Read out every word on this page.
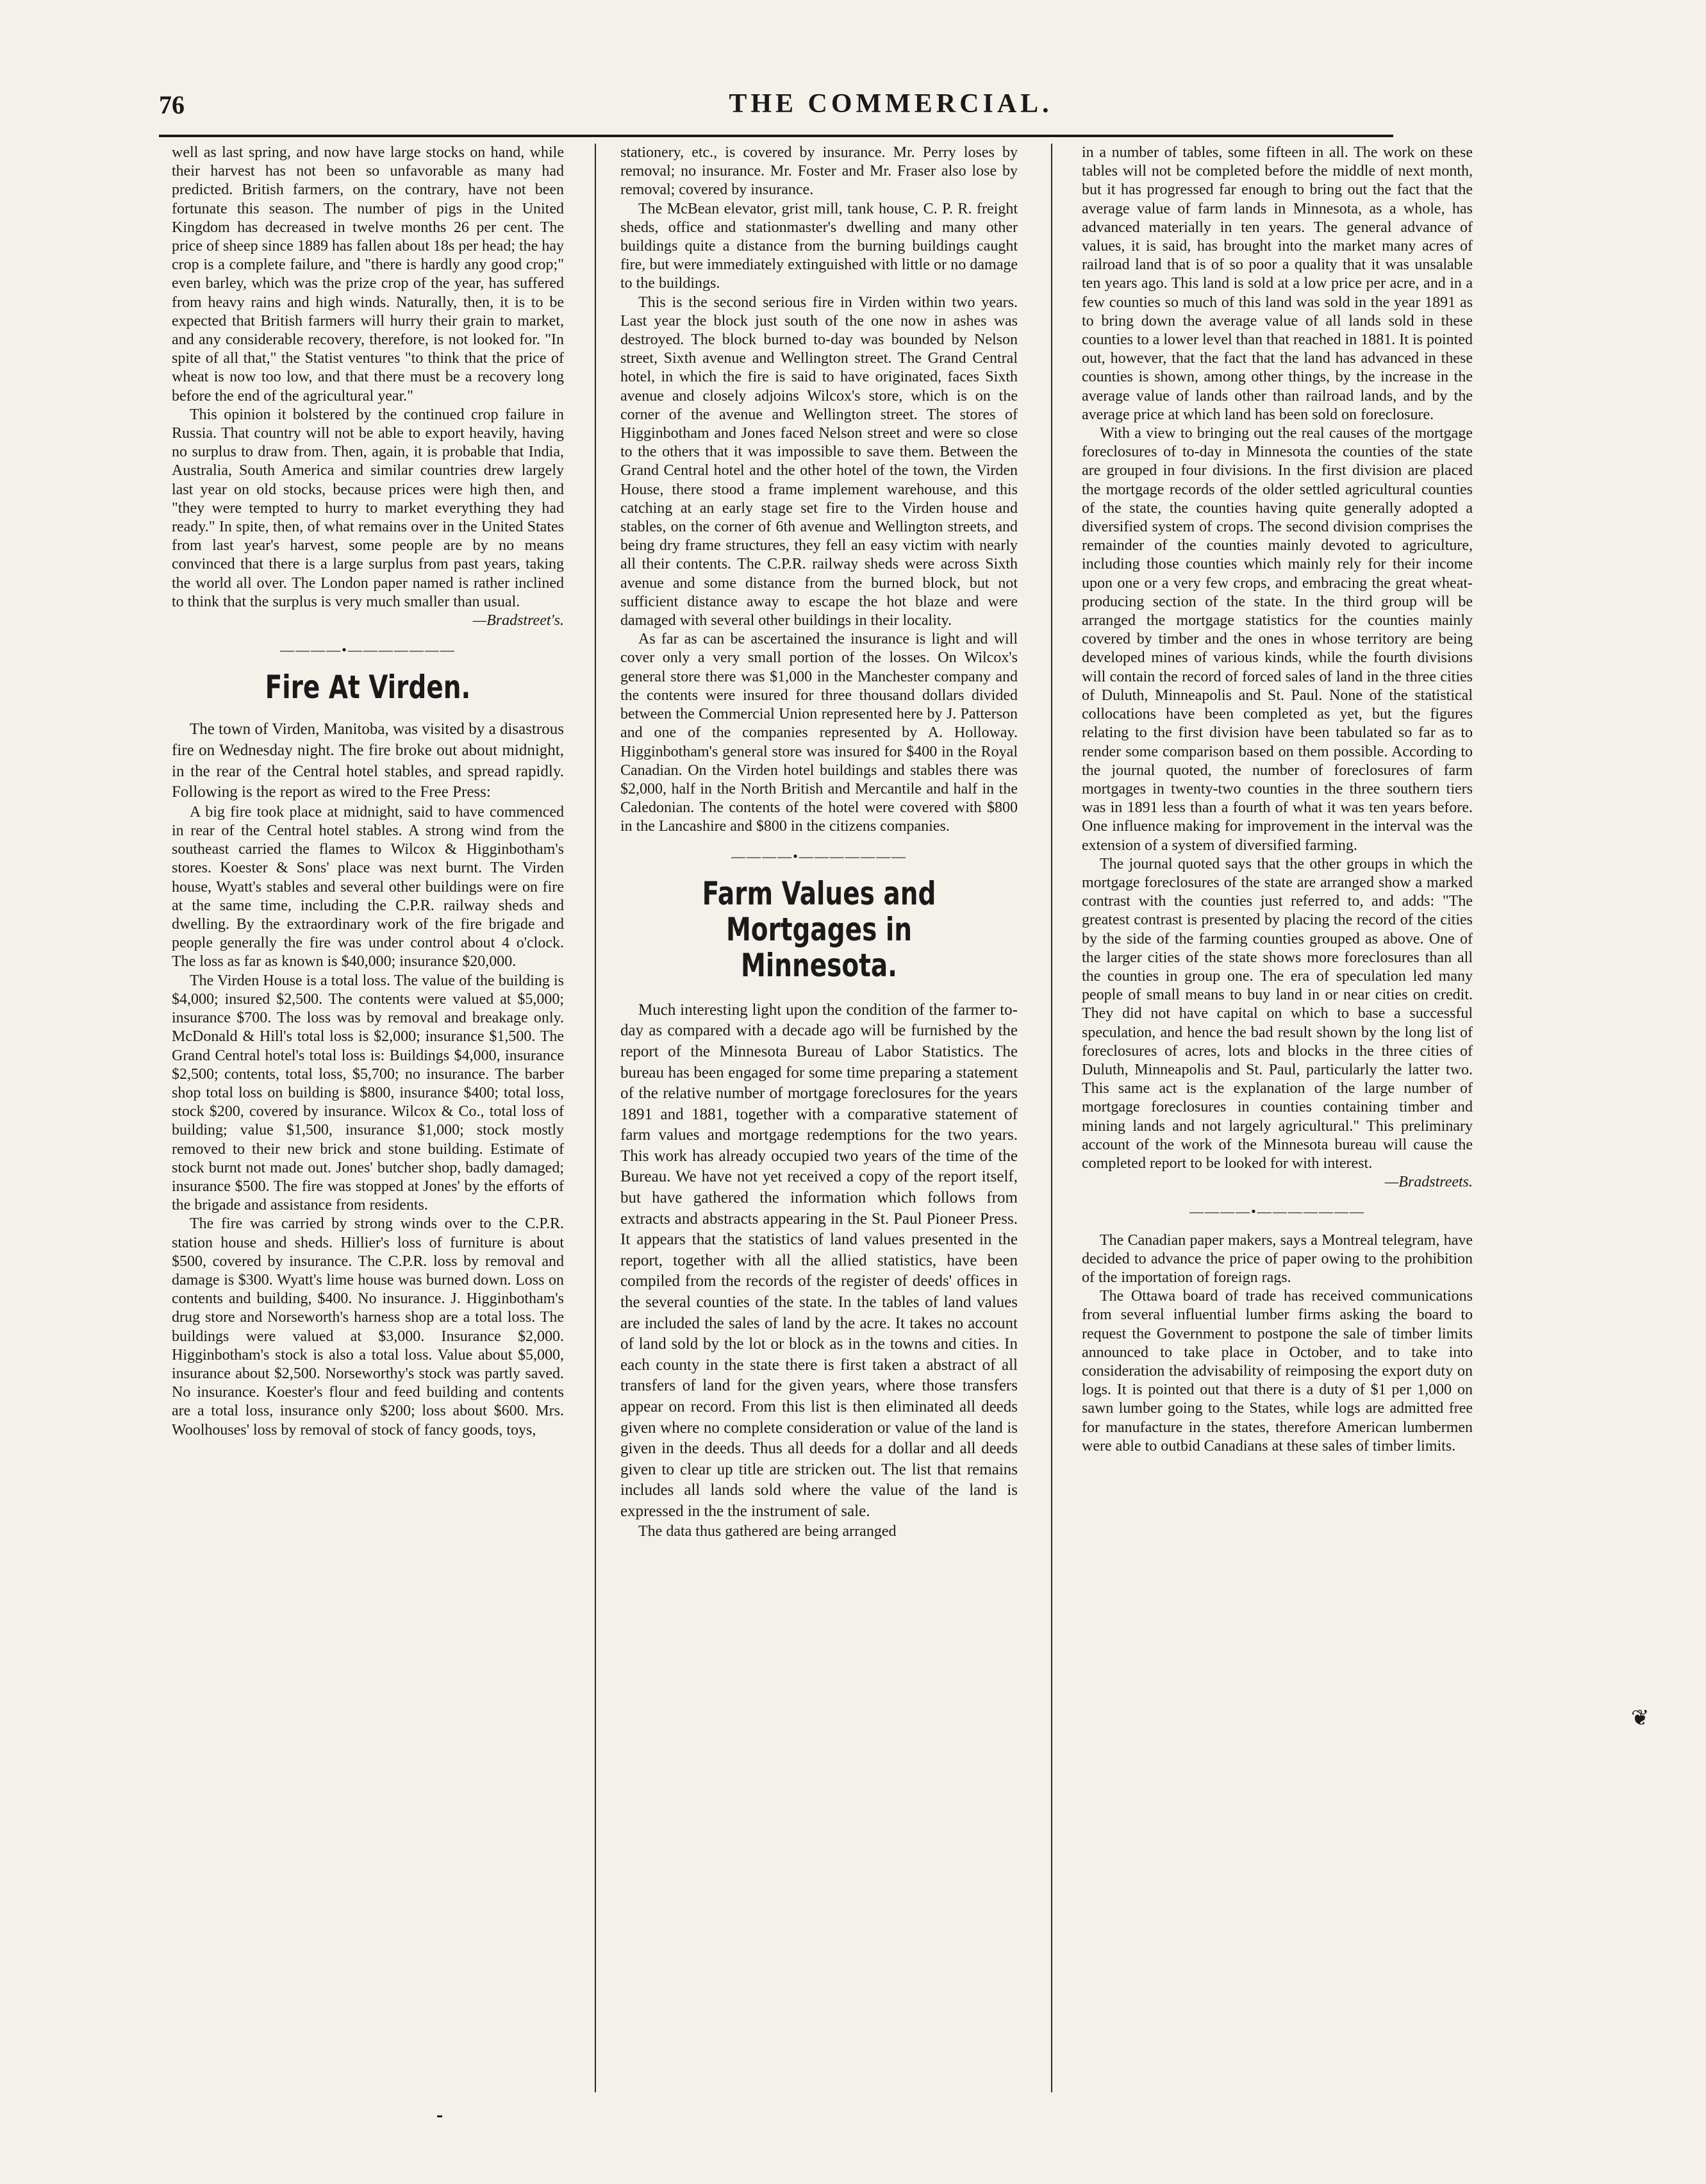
76	THE COMMERCIAL.

well as last spring, and now have large stocks on hand, while their harvest has not been so unfavorable as many had predicted. British farmers, on the contrary, have not been fortunate this season. The number of pigs in the United Kingdom has decreased in twelve months 26 per cent. The price of sheep since 1889 has fallen about 18s per head; the hay crop is a complete failure, and "there is hardly any good crop;" even barley, which was the prize crop of the year, has suffered from heavy rains and high winds. Naturally, then, it is to be expected that British farmers will hurry their grain to market, and any considerable recovery, therefore, is not looked for. "In spite of all that," the Statist ventures "to think that the price of wheat is now too low, and that there must be a recovery long before the end of the agricultural year."

This opinion it bolstered by the continued crop failure in Russia. That country will not be able to export heavily, having no surplus to draw from. Then, again, it is probable that India, Australia, South America and similar countries drew largely last year on old stocks, because prices were high then, and "they were tempted to hurry to market everything they had ready." In spite, then, of what remains over in the United States from last year's harvest, some people are by no means convinced that there is a large surplus from past years, taking the world all over. The London paper named is rather inclined to think that the surplus is very much smaller than usual.

—Bradstreet's.
————•———————
Fire At Virden.

The town of Virden, Manitoba, was visited by a disastrous fire on Wednesday night. The fire broke out about midnight, in the rear of the Central hotel stables, and spread rapidly. Following is the report as wired to the Free Press:

A big fire took place at midnight, said to have commenced in rear of the Central hotel stables. A strong wind from the southeast carried the flames to Wilcox & Higginbotham's stores. Koester & Sons' place was next burnt. The Virden house, Wyatt's stables and several other buildings were on fire at the same time, including the C.P.R. railway sheds and dwelling. By the extraordinary work of the fire brigade and people generally the fire was under control about 4 o'clock. The loss as far as known is $40,000; insurance $20,000.

The Virden House is a total loss. The value of the building is $4,000; insured $2,500. The contents were valued at $5,000; insurance $700. The loss was by removal and breakage only. McDonald & Hill's total loss is $2,000; insurance $1,500. The Grand Central hotel's total loss is: Buildings $4,000, insurance $2,500; contents, total loss, $5,700; no insurance. The barber shop total loss on building is $800, insurance $400; total loss, stock $200, covered by insurance. Wilcox & Co., total loss of building; value $1,500, insurance $1,000; stock mostly removed to their new brick and stone building. Estimate of stock burnt not made out. Jones' butcher shop, badly damaged; insurance $500. The fire was stopped at Jones' by the efforts of the brigade and assistance from residents.

The fire was carried by strong winds over to the C.P.R. station house and sheds. Hillier's loss of furniture is about $500, covered by insurance. The C.P.R. loss by removal and damage is $300. Wyatt's lime house was burned down. Loss on contents and building, $400. No insurance. J. Higginbotham's drug store and Norseworth's harness shop are a total loss. The buildings were valued at $3,000. Insurance $2,000. Higginbotham's stock is also a total loss. Value about $5,000, insurance about $2,500. Norseworthy's stock was partly saved. No insurance. Koester's flour and feed building and contents are a total loss, insurance only $200; loss about $600. Mrs. Woolhouses' loss by removal of stock of fancy goods, toys,

stationery, etc., is covered by insurance. Mr. Perry loses by removal; no insurance. Mr. Foster and Mr. Fraser also lose by removal; covered by insurance.

The McBean elevator, grist mill, tank house, C. P. R. freight sheds, office and stationmaster's dwelling and many other buildings quite a distance from the burning buildings caught fire, but were immediately extinguished with little or no damage to the buildings.

This is the second serious fire in Virden within two years. Last year the block just south of the one now in ashes was destroyed. The block burned to-day was bounded by Nelson street, Sixth avenue and Wellington street. The Grand Central hotel, in which the fire is said to have originated, faces Sixth avenue and closely adjoins Wilcox's store, which is on the corner of the avenue and Wellington street. The stores of Higginbotham and Jones faced Nelson street and were so close to the others that it was impossible to save them. Between the Grand Central hotel and the other hotel of the town, the Virden House, there stood a frame implement warehouse, and this catching at an early stage set fire to the Virden house and stables, on the corner of 6th avenue and Wellington streets, and being dry frame structures, they fell an easy victim with nearly all their contents. The C.P.R. railway sheds were across Sixth avenue and some distance from the burned block, but not sufficient distance away to escape the hot blaze and were damaged with several other buildings in their locality.

As far as can be ascertained the insurance is light and will cover only a very small portion of the losses. On Wilcox's general store there was $1,000 in the Manchester company and the contents were insured for three thousand dollars divided between the Commercial Union represented here by J. Patterson and one of the companies represented by A. Holloway. Higginbotham's general store was insured for $400 in the Royal Canadian. On the Virden hotel buildings and stables there was $2,000, half in the North British and Mercantile and half in the Caledonian. The contents of the hotel were covered with $800 in the Lancashire and $800 in the citizens companies.

————•———————
Farm Values and Mortgages in Minnesota.

Much interesting light upon the condition of the farmer to-day as compared with a decade ago will be furnished by the report of the Minnesota Bureau of Labor Statistics. The bureau has been engaged for some time preparing a statement of the relative number of mortgage foreclosures for the years 1891 and 1881, together with a comparative statement of farm values and mortgage redemptions for the two years. This work has already occupied two years of the time of the Bureau. We have not yet received a copy of the report itself, but have gathered the information which follows from extracts and abstracts appearing in the St. Paul Pioneer Press. It appears that the statistics of land values presented in the report, together with all the allied statistics, have been compiled from the records of the register of deeds' offices in the several counties of the state. In the tables of land values are included the sales of land by the acre. It takes no account of land sold by the lot or block as in the towns and cities. In each county in the state there is first taken a abstract of all transfers of land for the given years, where those transfers appear on record. From this list is then eliminated all deeds given where no complete consideration or value of the land is given in the deeds. Thus all deeds for a dollar and all deeds given to clear up title are stricken out. The list that remains includes all lands sold where the value of the land is expressed in the the instrument of sale.

The data thus gathered are being arranged

in a number of tables, some fifteen in all. The work on these tables will not be completed before the middle of next month, but it has progressed far enough to bring out the fact that the average value of farm lands in Minnesota, as a whole, has advanced materially in ten years. The general advance of values, it is said, has brought into the market many acres of railroad land that is of so poor a quality that it was unsalable ten years ago. This land is sold at a low price per acre, and in a few counties so much of this land was sold in the year 1891 as to bring down the average value of all lands sold in these counties to a lower level than that reached in 1881. It is pointed out, however, that the fact that the land has advanced in these counties is shown, among other things, by the increase in the average value of lands other than railroad lands, and by the average price at which land has been sold on foreclosure.

With a view to bringing out the real causes of the mortgage foreclosures of to-day in Minnesota the counties of the state are grouped in four divisions. In the first division are placed the mortgage records of the older settled agricultural counties of the state, the counties having quite generally adopted a diversified system of crops. The second division comprises the remainder of the counties mainly devoted to agriculture, including those counties which mainly rely for their income upon one or a very few crops, and embracing the great wheat-producing section of the state. In the third group will be arranged the mortgage statistics for the counties mainly covered by timber and the ones in whose territory are being developed mines of various kinds, while the fourth divisions will contain the record of forced sales of land in the three cities of Duluth, Minneapolis and St. Paul. None of the statistical collocations have been completed as yet, but the figures relating to the first division have been tabulated so far as to render some comparison based on them possible. According to the journal quoted, the number of foreclosures of farm mortgages in twenty-two counties in the three southern tiers was in 1891 less than a fourth of what it was ten years before. One influence making for improvement in the interval was the extension of a system of diversified farming.

The journal quoted says that the other groups in which the mortgage foreclosures of the state are arranged show a marked contrast with the counties just referred to, and adds: "The greatest contrast is presented by placing the record of the cities by the side of the farming counties grouped as above. One of the larger cities of the state shows more foreclosures than all the counties in group one. The era of speculation led many people of small means to buy land in or near cities on credit. They did not have capital on which to base a successful speculation, and hence the bad result shown by the long list of foreclosures of acres, lots and blocks in the three cities of Duluth, Minneapolis and St. Paul, particularly the latter two. This same act is the explanation of the large number of mortgage foreclosures in counties containing timber and mining lands and not largely agricultural." This preliminary account of the work of the Minnesota bureau will cause the completed report to be looked for with interest.

—Bradstreets.
————•———————

The Canadian paper makers, says a Montreal telegram, have decided to advance the price of paper owing to the prohibition of the importation of foreign rags.

The Ottawa board of trade has received communications from several influential lumber firms asking the board to request the Government to postpone the sale of timber limits announced to take place in October, and to take into consideration the advisability of reimposing the export duty on logs. It is pointed out that there is a duty of $1 per 1,000 on sawn lumber going to the States, while logs are admitted free for manufacture in the states, therefore American lumbermen were able to outbid Canadians at these sales of timber limits.

❦
